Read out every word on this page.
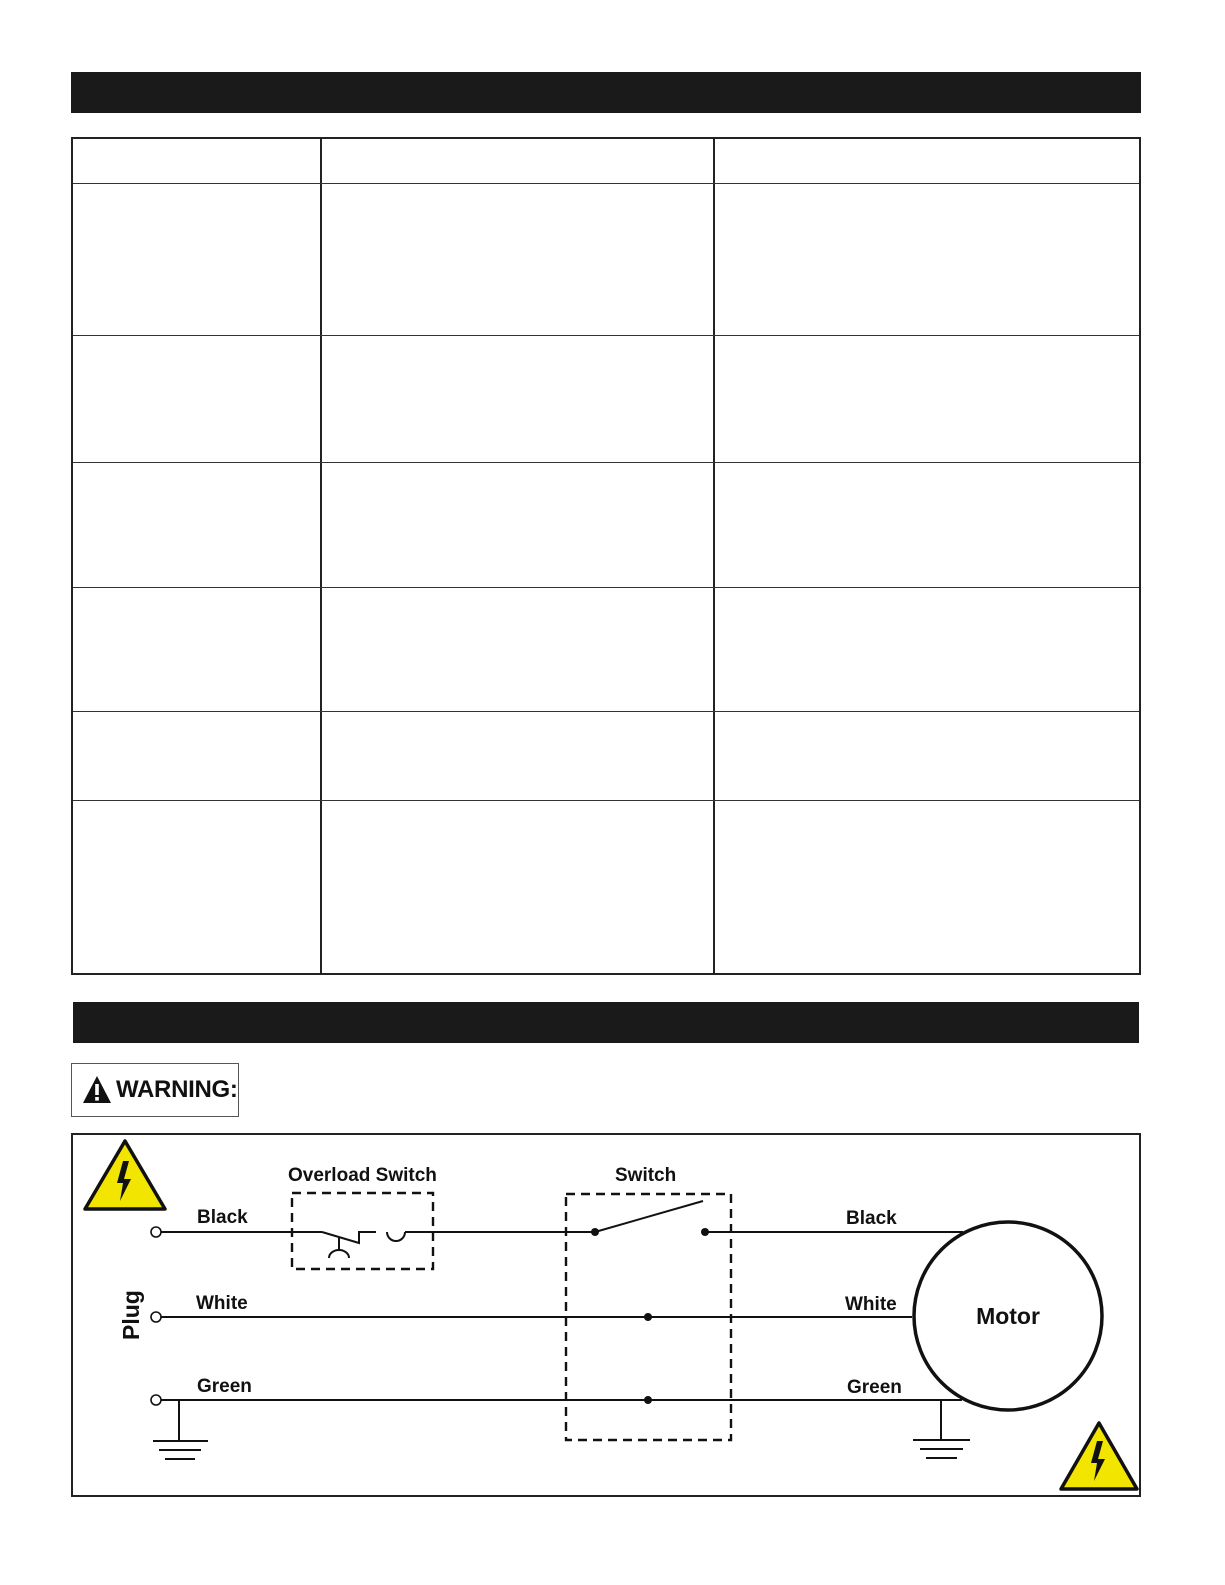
WARNING:
Overload Switch	Switch
Black
White
Green
Black
White
Green
Plug	Motor
